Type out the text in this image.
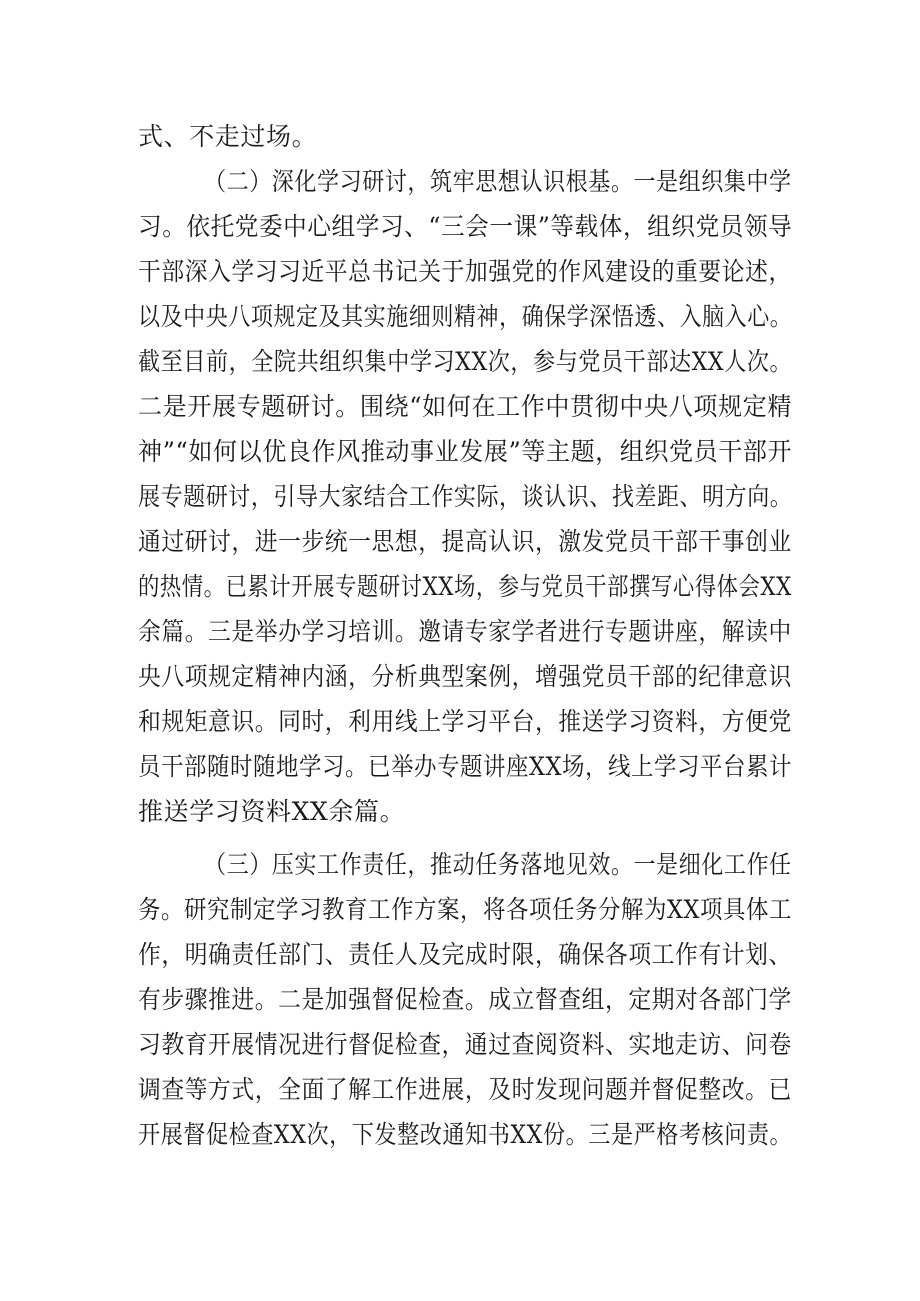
式、不走过场。
（二）深化学习研讨，筑牢思想认识根基。一是组织集中学
习。依托党委中心组学习、“三会一课”等载体，组织党员领导
干部深入学习习近平总书记关于加强党的作风建设的重要论述，
以及中央八项规定及其实施细则精神，确保学深悟透、入脑入心。
截至目前，全院共组织集中学习XX次，参与党员干部达XX人次。
二是开展专题研讨。围绕“如何在工作中贯彻中央八项规定精
神”“如何以优良作风推动事业发展”等主题，组织党员干部开
展专题研讨，引导大家结合工作实际，谈认识、找差距、明方向。
通过研讨，进一步统一思想，提高认识，激发党员干部干事创业
的热情。已累计开展专题研讨XX场，参与党员干部撰写心得体会XX
余篇。三是举办学习培训。邀请专家学者进行专题讲座，解读中
央八项规定精神内涵，分析典型案例，增强党员干部的纪律意识
和规矩意识。同时，利用线上学习平台，推送学习资料，方便党
员干部随时随地学习。已举办专题讲座XX场，线上学习平台累计
推送学习资料XX余篇。
（三）压实工作责任，推动任务落地见效。一是细化工作任
务。研究制定学习教育工作方案，将各项任务分解为XX项具体工
作，明确责任部门、责任人及完成时限，确保各项工作有计划、
有步骤推进。二是加强督促检查。成立督查组，定期对各部门学
习教育开展情况进行督促检查，通过查阅资料、实地走访、问卷
调查等方式，全面了解工作进展，及时发现问题并督促整改。已
开展督促检查XX次，下发整改通知书XX份。三是严格考核问责。
